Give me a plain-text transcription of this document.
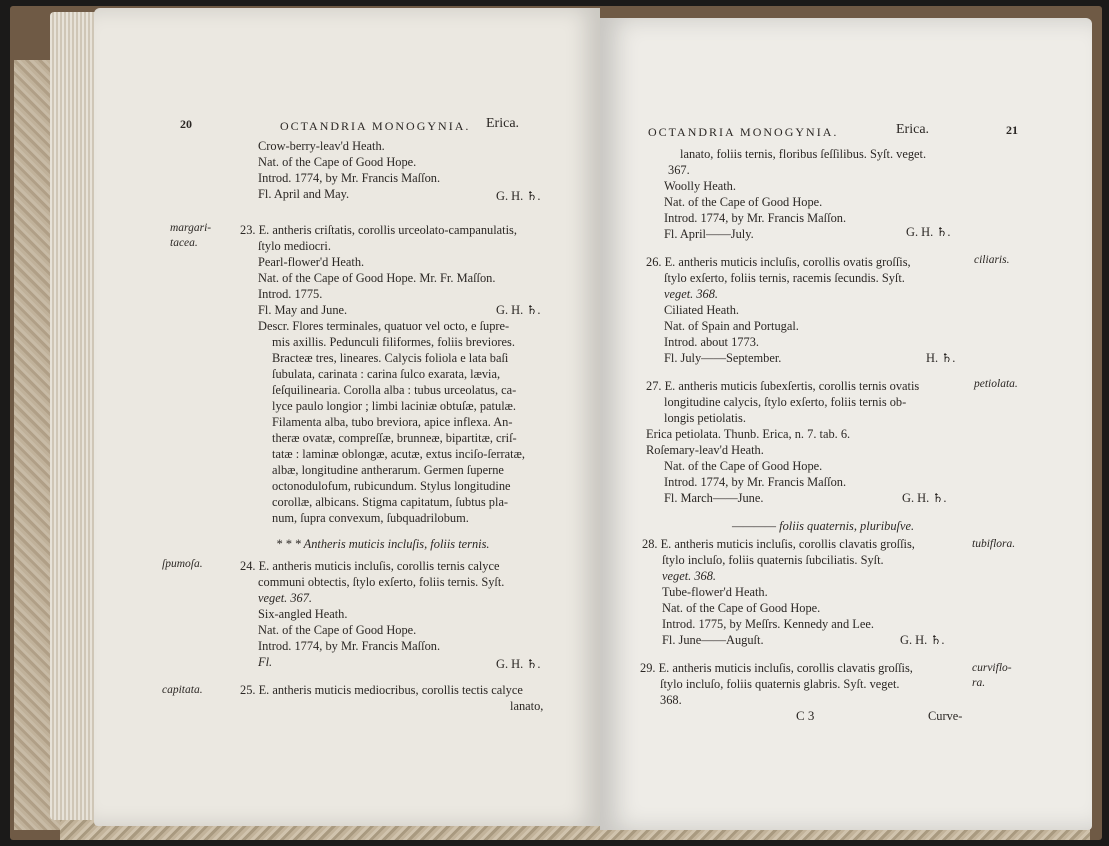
20	OCTANDRIA MONOGYNIA. Erica.
Crow-berry-leav'd Heath.
Nat. of the Cape of Good Hope.
Introd. 1774, by Mr. Francis Maſſon.
Fl. April and May.	G. H. ♄.
margari-
tacea.
23. E. antheris criſtatis, corollis urceolato-campanulatis,
ſtylo mediocri.
Pearl-flower'd Heath.
Nat. of the Cape of Good Hope. Mr. Fr. Maſſon.
Introd. 1775.
Fl. May and June.	G. H. ♄.
Descr. Flores terminales, quatuor vel octo, e ſupre-
mis axillis. Pedunculi filiformes, foliis breviores.
Bracteæ tres, lineares. Calycis foliola e lata baſi
ſubulata, carinata : carina ſulco exarata, lævia,
ſeſquilinearia. Corolla alba : tubus urceolatus, ca-
lyce paulo longior ; limbi laciniæ obtuſæ, patulæ.
Filamenta alba, tubo breviora, apice inflexa. An-
theræ ovatæ, compreſſæ, brunneæ, bipartitæ, criſ-
tatæ : laminæ oblongæ, acutæ, extus inciſo-ſerratæ,
albæ, longitudine antherarum. Germen ſuperne
octonodulofum, rubicundum. Stylus longitudine
corollæ, albicans. Stigma capitatum, ſubtus pla-
num, ſupra convexum, ſubquadrilobum.
* * * Antheris muticis incluſis, foliis ternis.
ſpumoſa.	24. E. antheris muticis incluſis, corollis ternis calyce
communi obtectis, ſtylo exſerto, foliis ternis. Syſt.
veget. 367.
Six-angled Heath.
Nat. of the Cape of Good Hope.
Introd. 1774, by Mr. Francis Maſſon.
Fl.	G. H. ♄.
capitata.	25. E. antheris muticis mediocribus, corollis tectis calyce
lanato,
OCTANDRIA MONOGYNIA.	Erica.	21
lanato, foliis ternis, floribus ſeſſilibus. Syſt. veget.
367.
Woolly Heath.
Nat. of the Cape of Good Hope.
Introd. 1774, by Mr. Francis Maſſon.
Fl. April——July.	G. H. ♄.
ciliaris.
26. E. antheris muticis incluſis, corollis ovatis groſſis,
ſtylo exſerto, foliis ternis, racemis ſecundis. Syſt.
veget. 368.
Ciliated Heath.
Nat. of Spain and Portugal.
Introd. about 1773.
Fl. July——September.	H. ♄.
petiolata.
27. E. antheris muticis ſubexſertis, corollis ternis ovatis
longitudine calycis, ſtylo exſerto, foliis ternis ob-
longis petiolatis.
Erica petiolata. Thunb. Erica, n. 7. tab. 6.
Roſemary-leav'd Heath.
Nat. of the Cape of Good Hope.
Introd. 1774, by Mr. Francis Maſſon.
Fl. March——June.	G. H. ♄.
———— foliis quaternis, pluribuſve.
tubiflora.
28. E. antheris muticis incluſis, corollis clavatis groſſis,
ſtylo incluſo, foliis quaternis ſubciliatis. Syſt.
veget. 368.
Tube-flower'd Heath.
Nat. of the Cape of Good Hope.
Introd. 1775, by Meſſrs. Kennedy and Lee.
Fl. June——Auguſt.	G. H. ♄.
curviflo-
ra.
29. E. antheris muticis incluſis, corollis clavatis groſſis,
ſtylo incluſo, foliis quaternis glabris. Syſt. veget.
368.
C 3	Curve-
